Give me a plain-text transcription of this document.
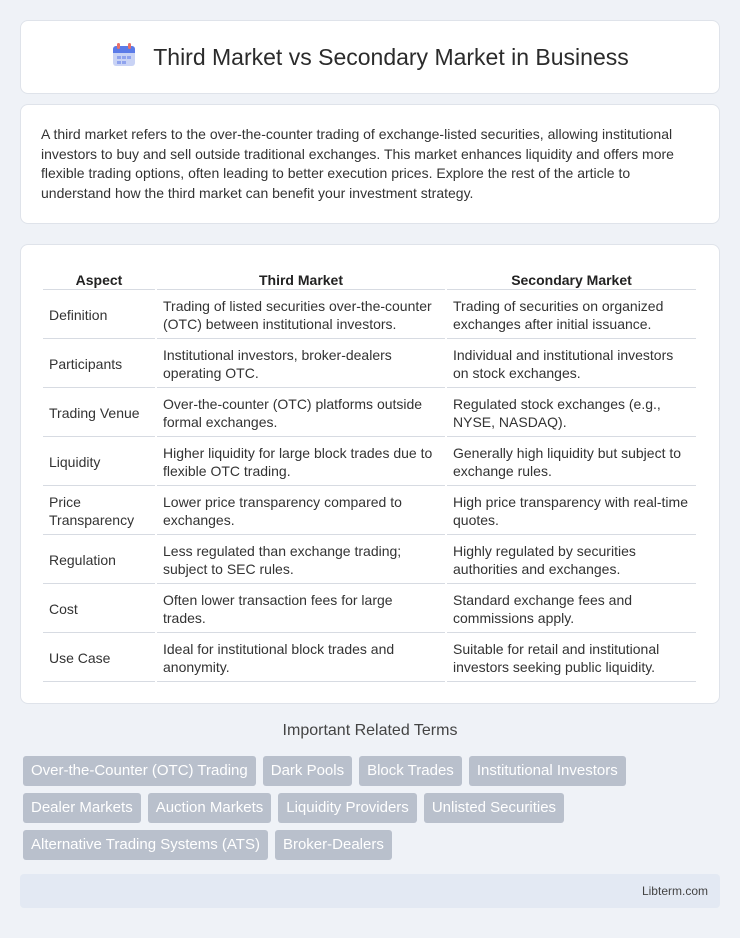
Third Market vs Secondary Market in Business

A third market refers to the over-the-counter trading of exchange-listed securities, allowing institutional investors to buy and sell outside traditional exchanges. This market enhances liquidity and offers more flexible trading options, often leading to better execution prices. Explore the rest of the article to understand how the third market can benefit your investment strategy.

Aspect	Third Market	Secondary Market
Definition	Trading of listed securities over-the-counter (OTC) between institutional investors.	Trading of securities on organized exchanges after initial issuance.
Participants	Institutional investors, broker-dealers operating OTC.	Individual and institutional investors on stock exchanges.
Trading Venue	Over-the-counter (OTC) platforms outside formal exchanges.	Regulated stock exchanges (e.g., NYSE, NASDAQ).
Liquidity	Higher liquidity for large block trades due to flexible OTC trading.	Generally high liquidity but subject to exchange rules.
Price Transparency	Lower price transparency compared to exchanges.	High price transparency with real-time quotes.
Regulation	Less regulated than exchange trading; subject to SEC rules.	Highly regulated by securities authorities and exchanges.
Cost	Often lower transaction fees for large trades.	Standard exchange fees and commissions apply.
Use Case	Ideal for institutional block trades and anonymity.	Suitable for retail and institutional investors seeking public liquidity.
Important Related Terms
Over-the-Counter (OTC) Trading	Dark Pools	Block Trades	Institutional Investors
Dealer Markets	Auction Markets	Liquidity Providers	Unlisted Securities
Alternative Trading Systems (ATS)	Broker-Dealers
Libterm.com
